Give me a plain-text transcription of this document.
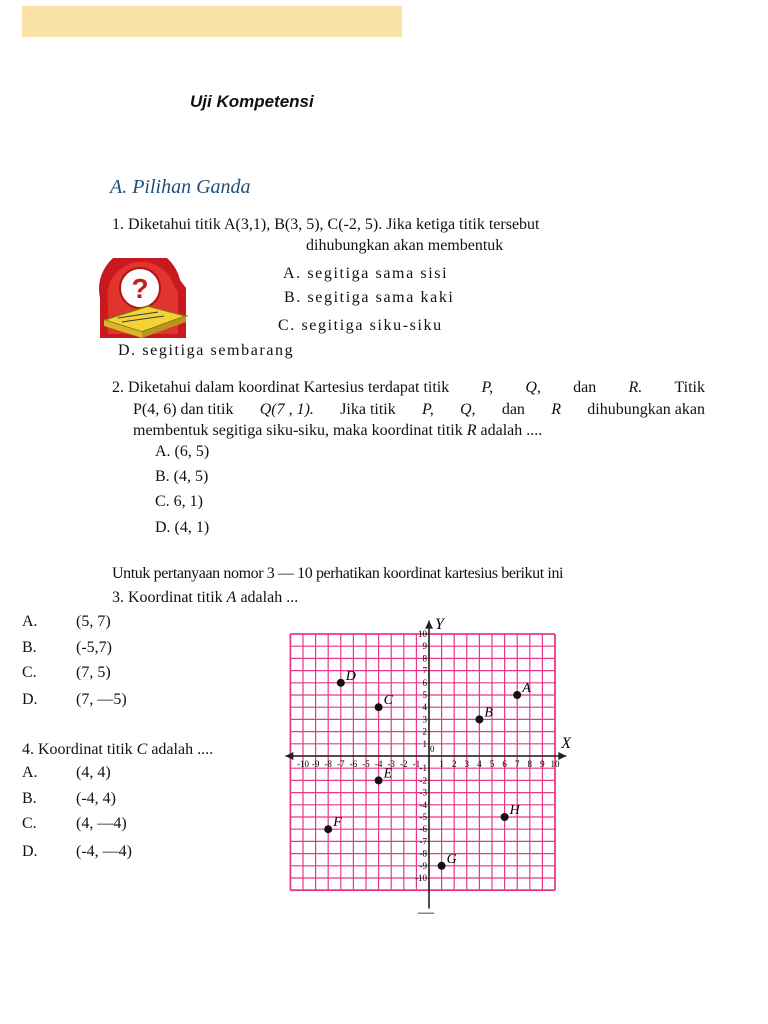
Uji Kompetensi
A. Pilihan Ganda
1. Diketahui titik A(3,1), B(3, 5), C(-2, 5). Jika ketiga titik tersebut
dihubungkan akan membentuk
?	A. segitiga sama sisi
B. segitiga sama kaki
C. segitiga siku-siku
D. segitiga sembarang
2. Diketahui dalam koordinat Kartesius terdapat titik P, Q, dan R. Titik
P(4, 6) dan titik Q(7 , 1). Jika titik P, Q, dan R dihubungkan akan
membentuk segitiga siku-siku, maka koordinat titik R adalah ....
A. (6, 5)
B. (4, 5)
C. 6, 1)
D. (4, 1)
Untuk pertanyaan nomor 3 — 10 perhatikan koordinat kartesius berikut ini
3. Koordinat titik A adalah ...
A. (5, 7)
B. (-5,7)
C. (7, 5)
D. (7, —5)
4. Koordinat titik C adalah ....
A. (4, 4)
B. (-4, 4)
C. (4, —4)
D. (-4, —4)
X
Y
0
-10
-10
-9
-9
-8
-8
-7
-7
-6
-6
-5
-5
-4
-4
-3
-3
-2
-2
-1 -1 1
1
2
2
3
3
4
4
5
5
6
6
7
7
8
8
9
9
10
10
A
B
C
D
E
F
G
H
—
